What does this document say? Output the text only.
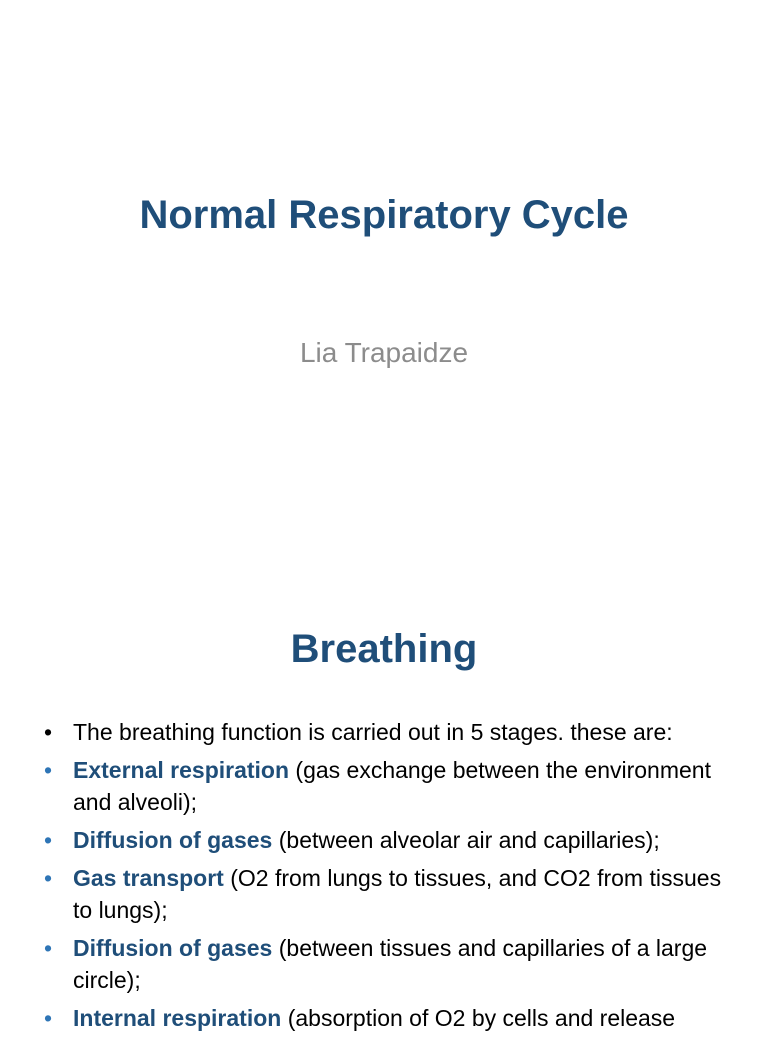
Normal Respiratory Cycle
Lia Trapaidze
Breathing
• The breathing function is carried out in 5 stages. these are:
• External respiration (gas exchange between the environment and alveoli);
• Diffusion of gases (between alveolar air and capillaries);
• Gas transport (O2 from lungs to tissues, and CO2 from tissues to lungs);
• Diffusion of gases (between tissues and capillaries of a large circle);
• Internal respiration (absorption of O2 by cells and release
